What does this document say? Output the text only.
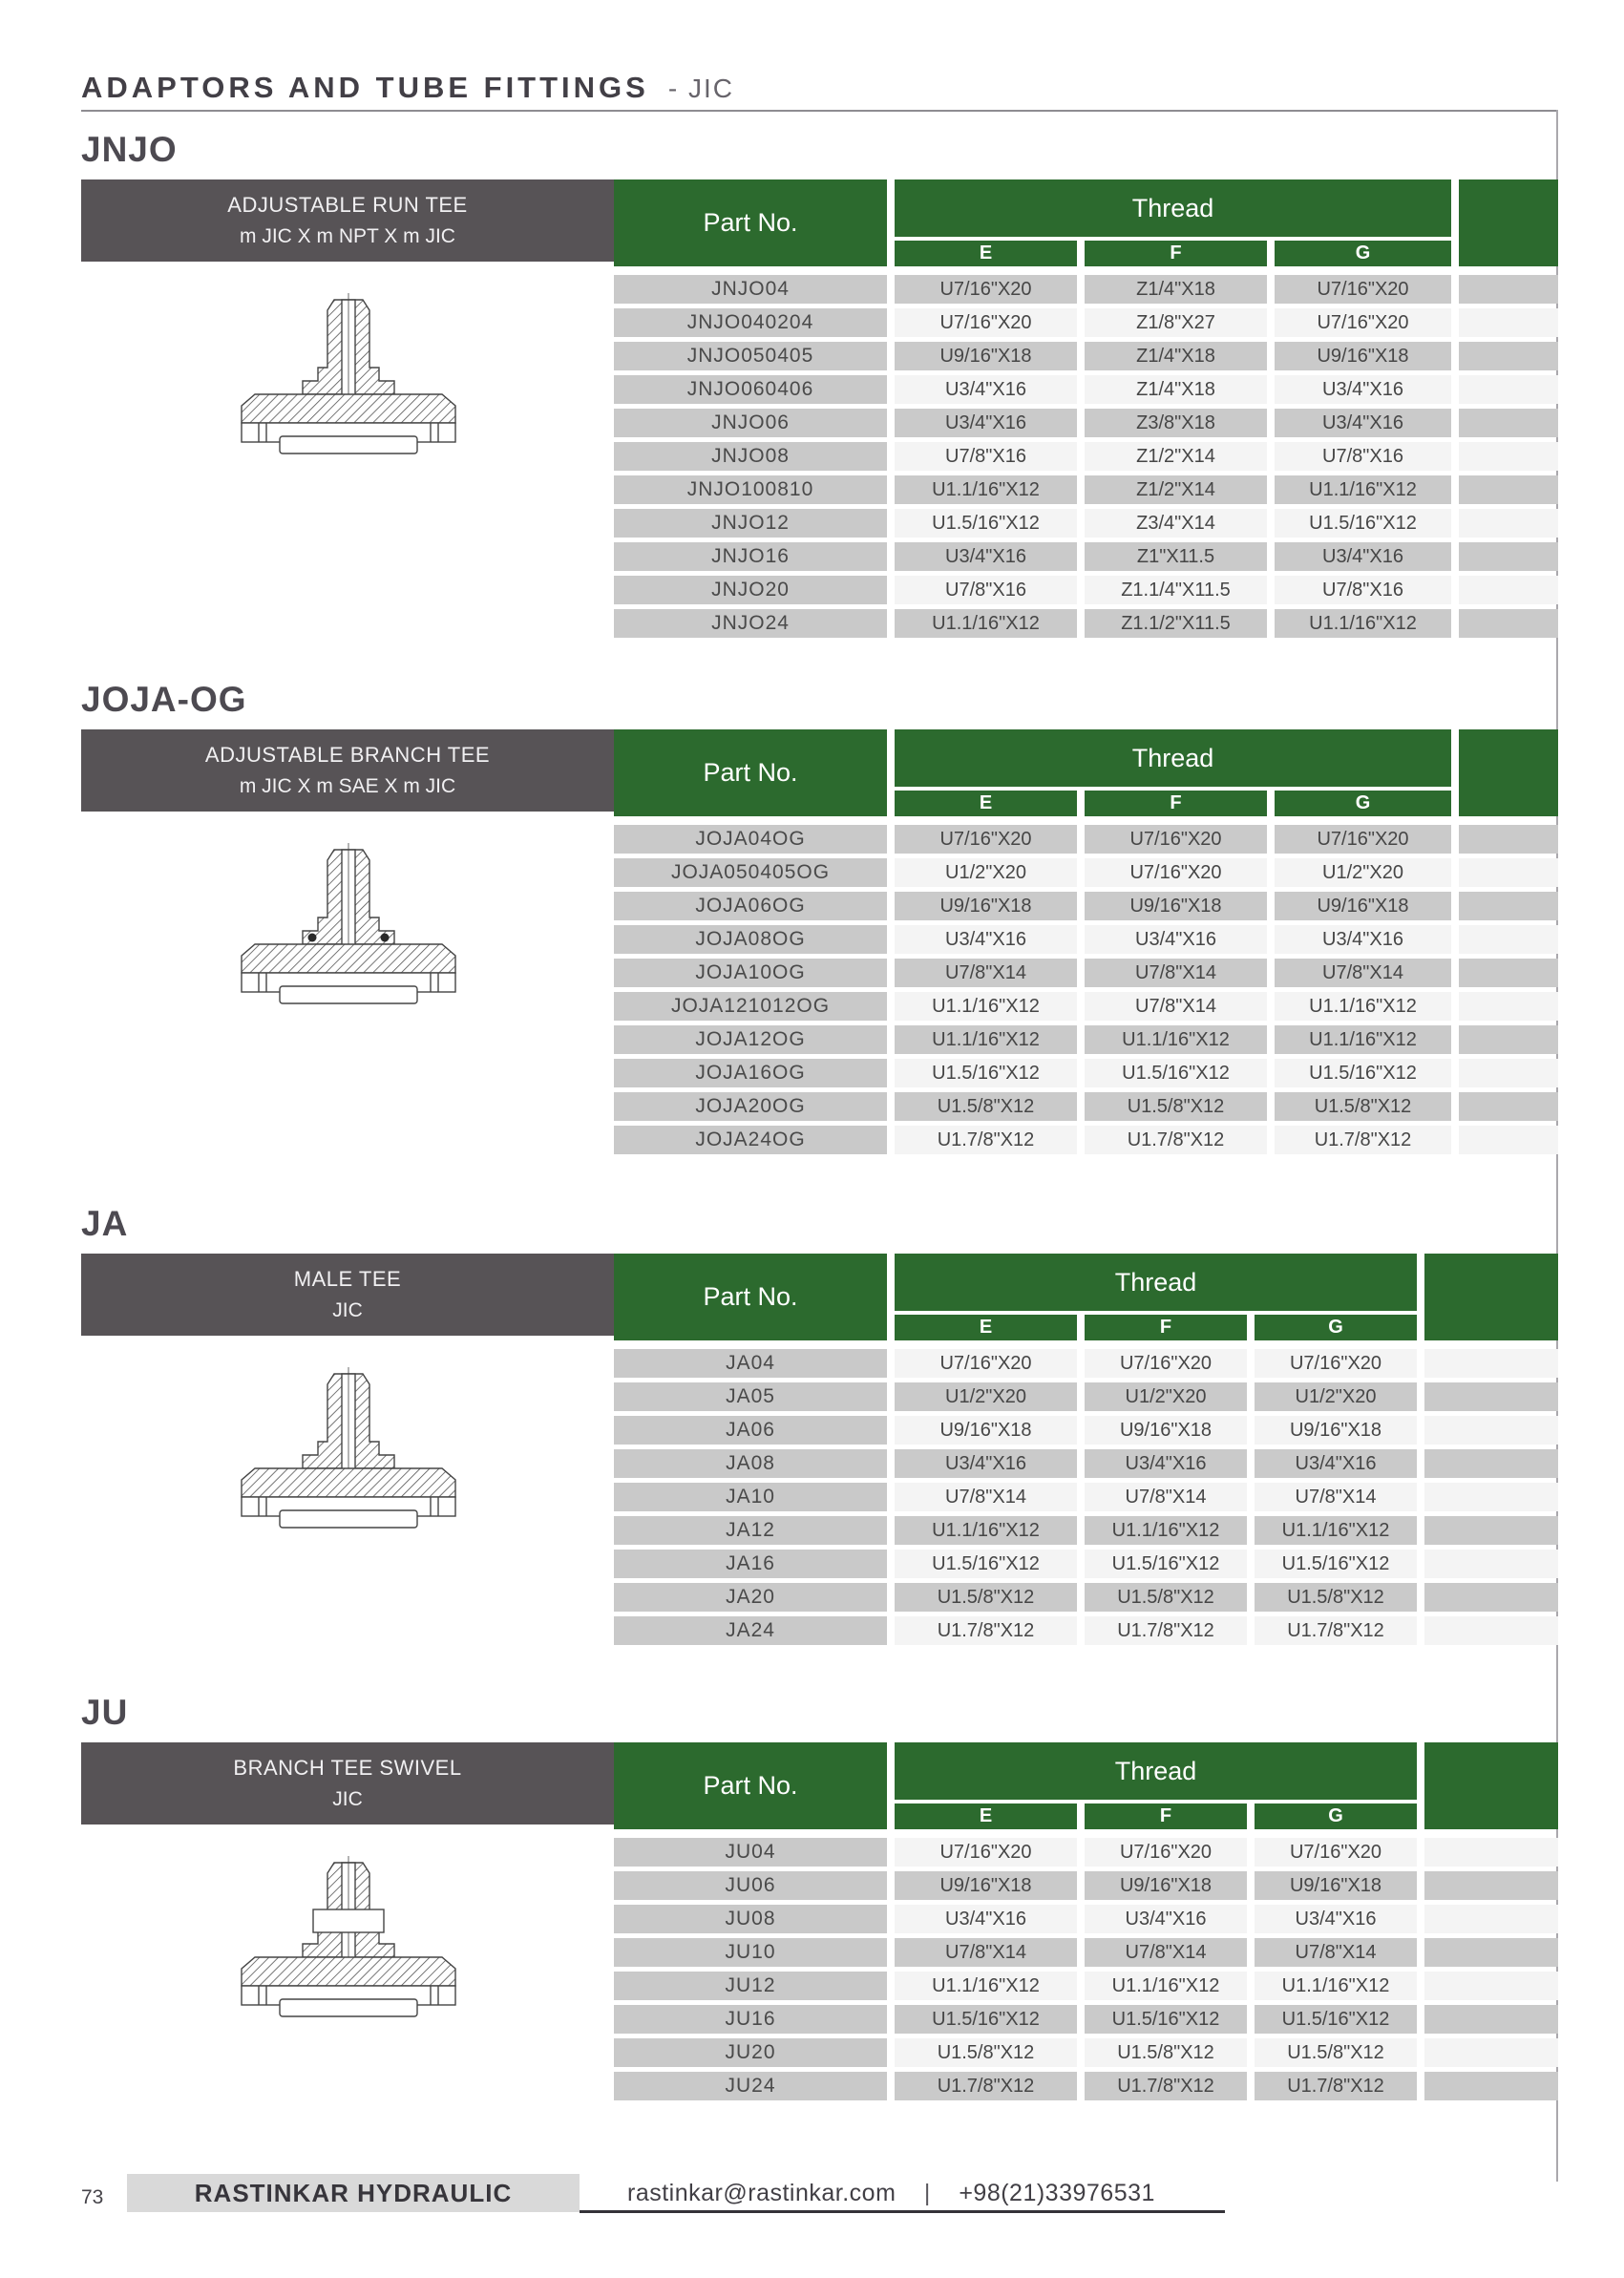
ADAPTORS AND TUBE FITTINGS - JIC
JNJO
ADJUSTABLE RUN TEE
m JIC X m NPT X m JIC	Part No.
Thread
E	F	G
JNJO04	U7/16"X20	Z1/4"X18	U7/16"X20
JNJO040204	U7/16"X20	Z1/8"X27	U7/16"X20
JNJO050405	U9/16"X18	Z1/4"X18	U9/16"X18
JNJO060406	U3/4"X16	Z1/4"X18	U3/4"X16
JNJO06	U3/4"X16	Z3/8"X18	U3/4"X16
JNJO08	U7/8"X16	Z1/2"X14	U7/8"X16
JNJO100810	U1.1/16"X12	Z1/2"X14	U1.1/16"X12
JNJO12	U1.5/16"X12	Z3/4"X14	U1.5/16"X12
JNJO16	U3/4"X16	Z1"X11.5	U3/4"X16
JNJO20	U7/8"X16	Z1.1/4"X11.5	U7/8"X16
JNJO24	U1.1/16"X12	Z1.1/2"X11.5	U1.1/16"X12
JOJA-OG
ADJUSTABLE BRANCH TEE
m JIC X m SAE X m JIC	Part No.
Thread
E	F	G
JOJA04OG	U7/16"X20	U7/16"X20	U7/16"X20
JOJA050405OG	U1/2"X20	U7/16"X20	U1/2"X20
JOJA06OG	U9/16"X18	U9/16"X18	U9/16"X18
JOJA08OG	U3/4"X16	U3/4"X16	U3/4"X16
JOJA10OG	U7/8"X14	U7/8"X14	U7/8"X14
JOJA121012OG	U1.1/16"X12	U7/8"X14	U1.1/16"X12
JOJA12OG	U1.1/16"X12	U1.1/16"X12	U1.1/16"X12
JOJA16OG	U1.5/16"X12	U1.5/16"X12	U1.5/16"X12
JOJA20OG	U1.5/8"X12	U1.5/8"X12	U1.5/8"X12
JOJA24OG	U1.7/8"X12	U1.7/8"X12	U1.7/8"X12
JA
MALE TEE
JIC	Part No.
Thread
E	F	G
JA04	U7/16"X20	U7/16"X20	U7/16"X20
JA05	U1/2"X20	U1/2"X20	U1/2"X20
JA06	U9/16"X18	U9/16"X18	U9/16"X18
JA08	U3/4"X16	U3/4"X16	U3/4"X16
JA10	U7/8"X14	U7/8"X14	U7/8"X14
JA12	U1.1/16"X12	U1.1/16"X12	U1.1/16"X12
JA16	U1.5/16"X12	U1.5/16"X12	U1.5/16"X12
JA20	U1.5/8"X12	U1.5/8"X12	U1.5/8"X12
JA24	U1.7/8"X12	U1.7/8"X12	U1.7/8"X12
JU
BRANCH TEE SWIVEL
JIC	Part No.
Thread
E	F	G
JU04	U7/16"X20	U7/16"X20	U7/16"X20
JU06	U9/16"X18	U9/16"X18	U9/16"X18
JU08	U3/4"X16	U3/4"X16	U3/4"X16
JU10	U7/8"X14	U7/8"X14	U7/8"X14
JU12	U1.1/16"X12	U1.1/16"X12	U1.1/16"X12
JU16	U1.5/16"X12	U1.5/16"X12	U1.5/16"X12
JU20	U1.5/8"X12	U1.5/8"X12	U1.5/8"X12
JU24	U1.7/8"X12	U1.7/8"X12	U1.7/8"X12
73	RASTINKAR HYDRAULIC	rastinkar@rastinkar.com | +98(21)33976531
